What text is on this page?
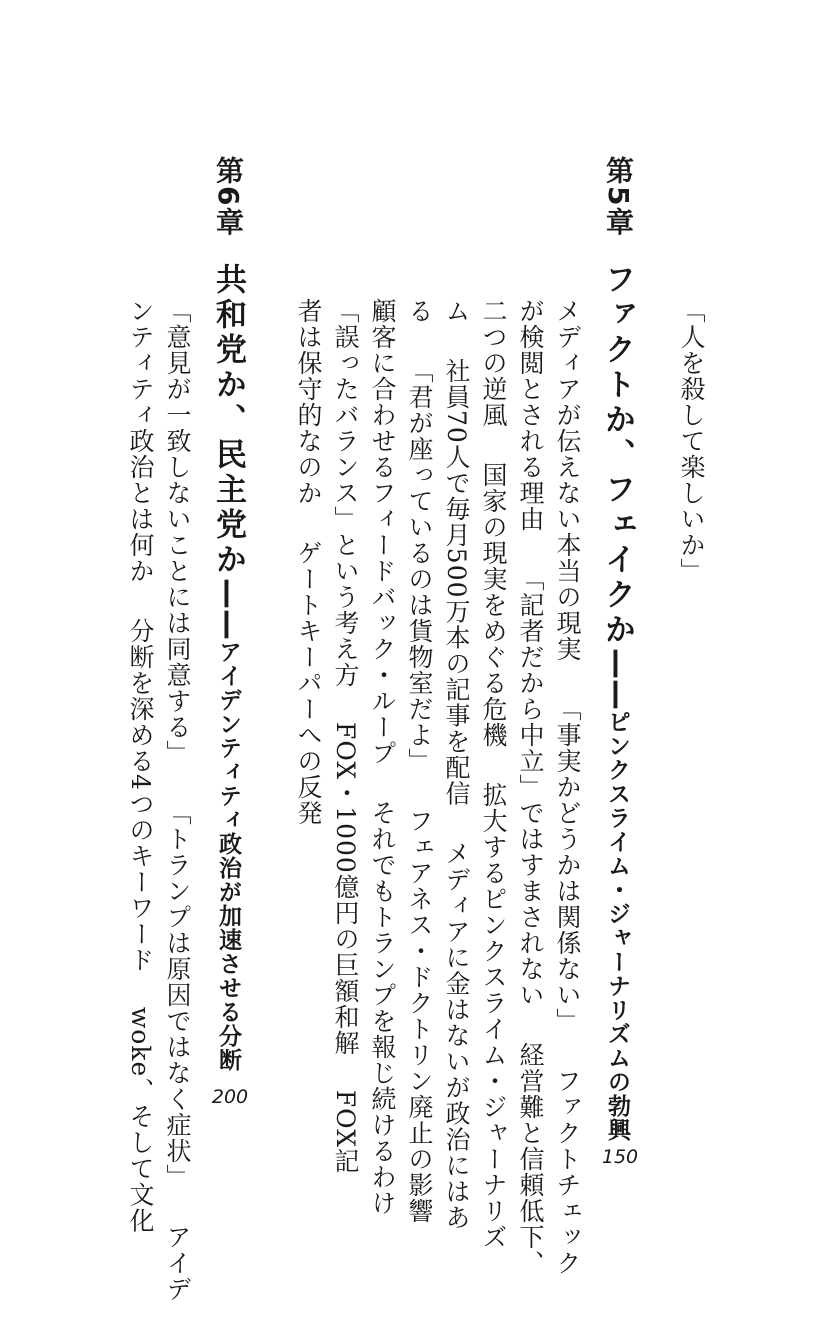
「人を殺して楽しいか」
第5章
ファクトか、フェイクか——ピンクスライム・ジャーナリズムの勃興
150
メディアが伝えない本当の現実「事実かどうかは関係ない」ファクトチェック
が検閲とされる理由「記者だから中立」ではすまされない経営難と信頼低下、
二つの逆風国家の現実をめぐる危機拡大するピンクスライム・ジャーナリズ
ム社員70人で毎月500万本の記事を配信メディアに金はないが政治にはあ
る「君が座っているのは貨物室だよ」フェアネス・ドクトリン廃止の影響
顧客に合わせるフィードバック・ループそれでもトランプを報じ続けるわけ
「誤ったバランス」という考え方FOX・1000億円の巨額和解FOX記
者は保守的なのかゲートキーパーへの反発
第6章
共和党か、民主党か——アイデンティティ政治が加速させる分断
200
「意見が一致しないことには同意する」「トランプは原因ではなく症状」アイデ
ンティティ政治とは何か分断を深める4つのキーワードwoke、そして文化
